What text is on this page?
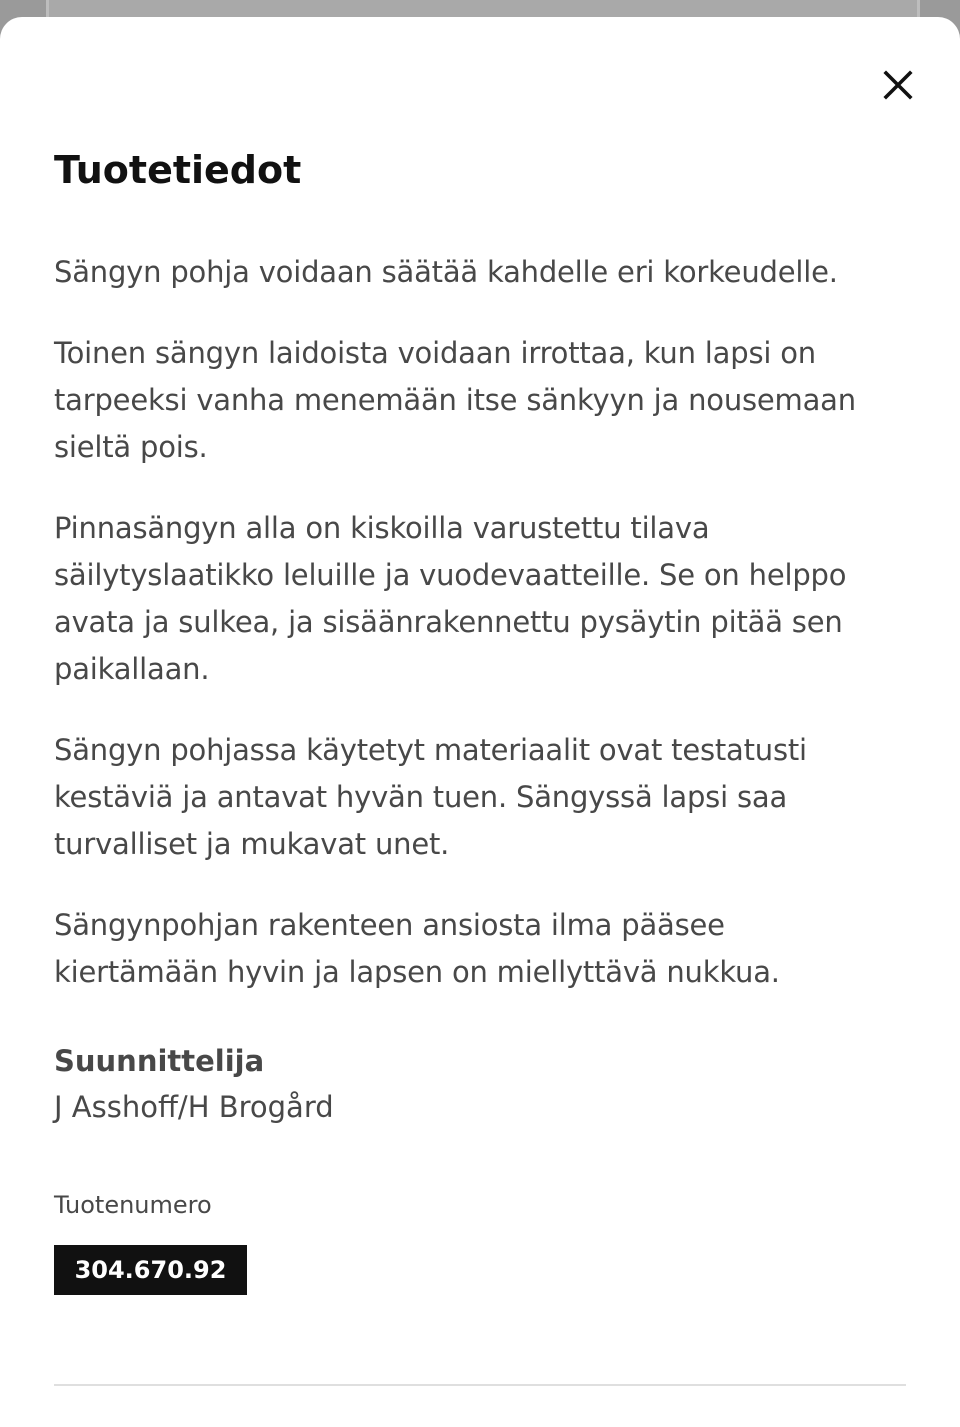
Tuotetiedot

Sängyn pohja voidaan säätää kahdelle eri korkeudelle.

Toinen sängyn laidoista voidaan irrottaa, kun lapsi on tarpeeksi vanha menemään itse sänkyyn ja nousemaan sieltä pois.

Pinnasängyn alla on kiskoilla varustettu tilava säilytyslaatikko leluille ja vuodevaatteille. Se on helppo avata ja sulkea, ja sisäänrakennettu pysäytin pitää sen paikallaan.

Sängyn pohjassa käytetyt materiaalit ovat testatusti kestäviä ja antavat hyvän tuen. Sängyssä lapsi saa turvalliset ja mukavat unet.

Sängynpohjan rakenteen ansiosta ilma pääsee kiertämään hyvin ja lapsen on miellyttävä nukkua.

Suunnittelija
J Asshoff/H Brogård
Tuotenumero
304.670.92
